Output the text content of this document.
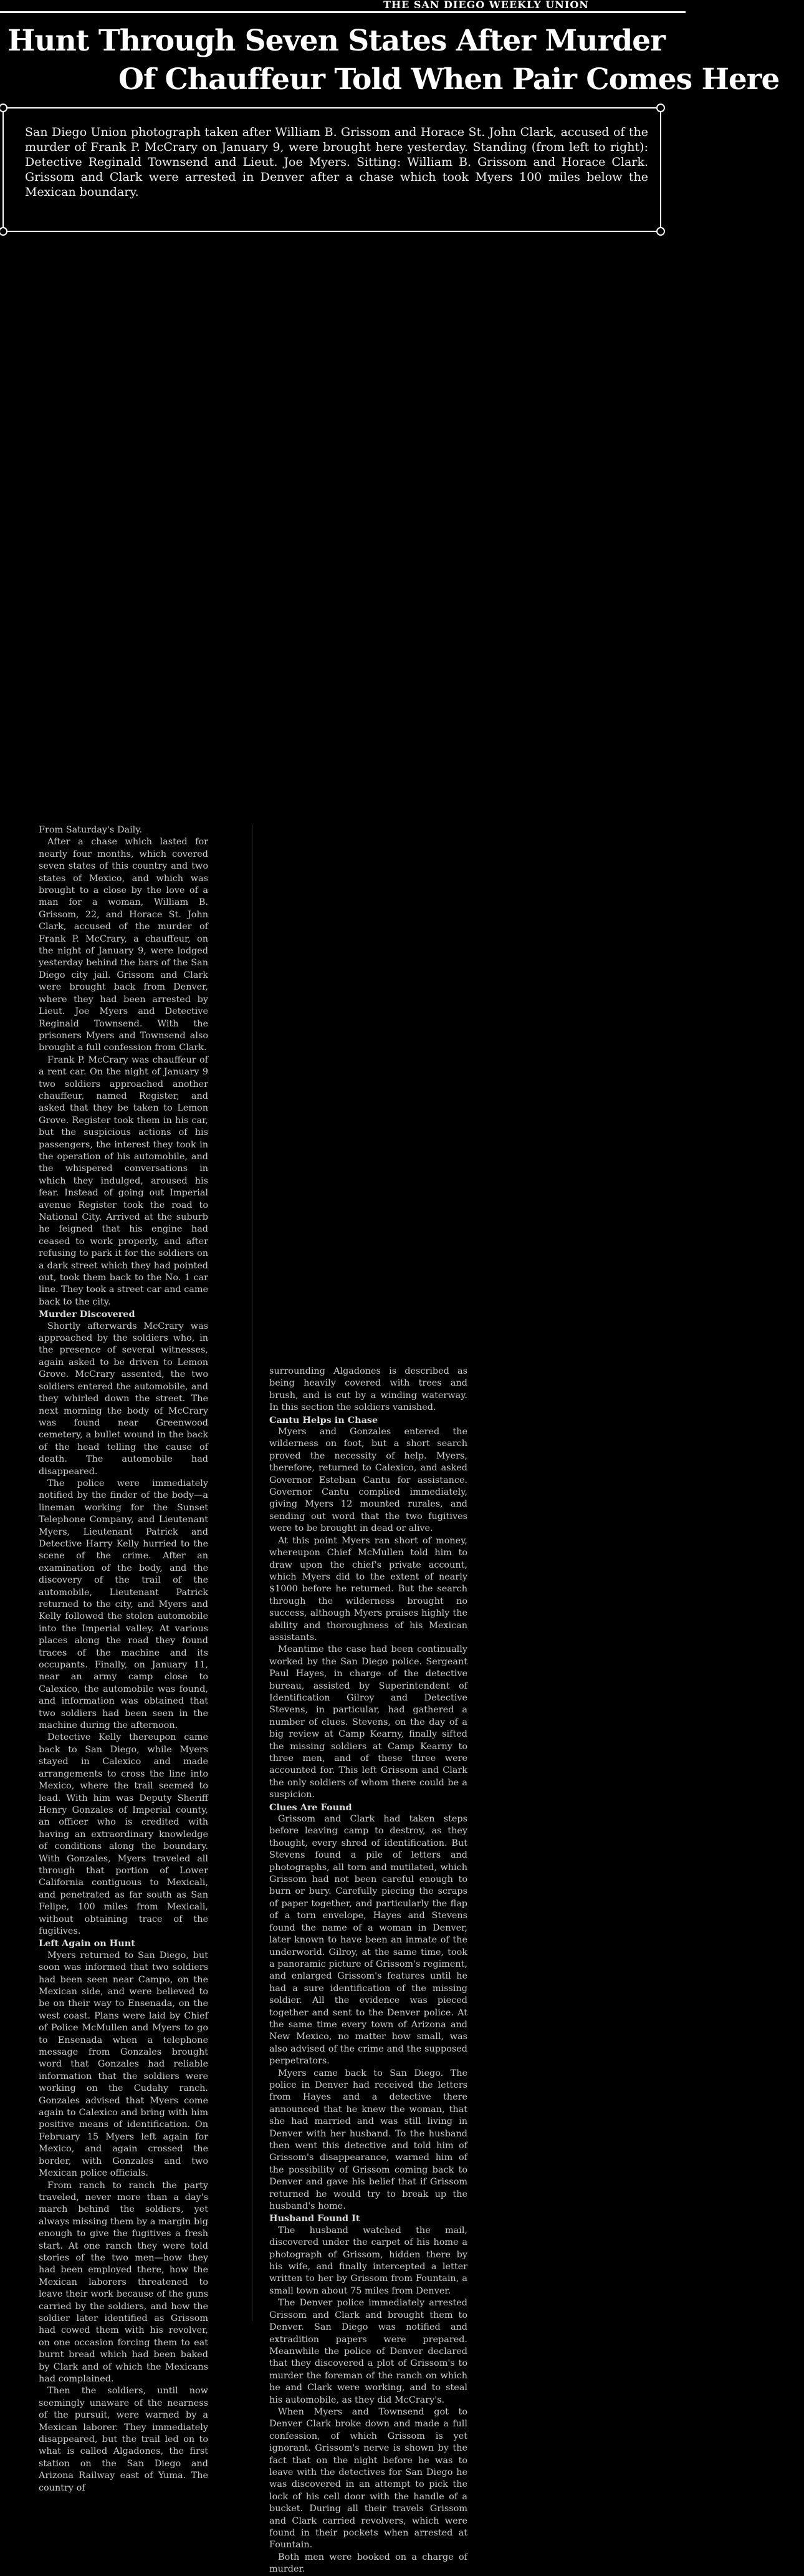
THE SAN DIEGO WEEKLY UNION
Hunt Through Seven States After Murder
Of Chauffeur Told When Pair Comes Here
San Diego Union photograph taken after William B. Grissom and Horace St. John Clark, accused of the murder of Frank P. McCrary on January 9, were brought here yesterday. Standing (from left to right): Detective Reginald Townsend and Lieut. Joe Myers. Sitting: William B. Grissom and Horace Clark. Grissom and Clark were arrested in Denver after a chase which took Myers 100 miles below the Mexican boundary.

From Saturday's Daily.

After a chase which lasted for nearly four months, which covered seven states of this country and two states of Mexico, and which was brought to a close by the love of a man for a woman, William B. Grissom, 22, and Horace St. John Clark, accused of the murder of Frank P. McCrary, a chauffeur, on the night of January 9, were lodged yesterday behind the bars of the San Diego city jail. Grissom and Clark were brought back from Denver, where they had been arrested by Lieut. Joe Myers and Detective Reginald Townsend. With the prisoners Myers and Townsend also brought a full confession from Clark.

Frank P. McCrary was chauffeur of a rent car. On the night of January 9 two soldiers approached another chauffeur, named Register, and asked that they be taken to Lemon Grove. Register took them in his car, but the suspicious actions of his passengers, the interest they took in the operation of his automobile, and the whispered conversations in which they indulged, aroused his fear. Instead of going out Imperial avenue Register took the road to National City. Arrived at the suburb he feigned that his engine had ceased to work properly, and after refusing to park it for the soldiers on a dark street which they had pointed out, took them back to the No. 1 car line. They took a street car and came back to the city.

Murder Discovered

Shortly afterwards McCrary was approached by the soldiers who, in the presence of several witnesses, again asked to be driven to Lemon Grove. McCrary assented, the two soldiers entered the automobile, and they whirled down the street. The next morning the body of McCrary was found near Greenwood cemetery, a bullet wound in the back of the head telling the cause of death. The automobile had disappeared.

The police were immediately notified by the finder of the body—a lineman working for the Sunset Telephone Company, and Lieutenant Myers, Lieutenant Patrick and Detective Harry Kelly hurried to the scene of the crime. After an examination of the body, and the discovery of the trail of the automobile, Lieutenant Patrick returned to the city, and Myers and Kelly followed the stolen automobile into the Imperial valley. At various places along the road they found traces of the machine and its occupants. Finally, on January 11, near an army camp close to Calexico, the automobile was found, and information was obtained that two soldiers had been seen in the machine during the afternoon.

Detective Kelly thereupon came back to San Diego, while Myers stayed in Calexico and made arrangements to cross the line into Mexico, where the trail seemed to lead. With him was Deputy Sheriff Henry Gonzales of Imperial county, an officer who is credited with having an extraordinary knowledge of conditions along the boundary. With Gonzales, Myers traveled all through that portion of Lower California contiguous to Mexicali, and penetrated as far south as San Felipe, 100 miles from Mexicali, without obtaining trace of the fugitives.

Left Again on Hunt

Myers returned to San Diego, but soon was informed that two soldiers had been seen near Campo, on the Mexican side, and were believed to be on their way to Ensenada, on the west coast. Plans were laid by Chief of Police McMullen and Myers to go to Ensenada when a telephone message from Gonzales brought word that Gonzales had reliable information that the soldiers were working on the Cudahy ranch. Gonzales advised that Myers come again to Calexico and bring with him positive means of identification. On February 15 Myers left again for Mexico, and again crossed the border, with Gonzales and two Mexican police officials.

From ranch to ranch the party traveled, never more than a day's march behind the soldiers, yet always missing them by a margin big enough to give the fugitives a fresh start. At one ranch they were told stories of the two men—how they had been employed there, how the Mexican laborers threatened to leave their work because of the guns carried by the soldiers, and how the soldier later identified as Grissom had cowed them with his revolver, on one occasion forcing them to eat burnt bread which had been baked by Clark and of which the Mexicans had complained.

Then the soldiers, until now seemingly unaware of the nearness of the pursuit, were warned by a Mexican laborer. They immediately disappeared, but the trail led on to what is called Algadones, the first station on the San Diego and Arizona Railway east of Yuma. The country of

surrounding Algadones is described as being heavily covered with trees and brush, and is cut by a winding waterway. In this section the soldiers vanished.

Cantu Helps in Chase

Myers and Gonzales entered the wilderness on foot, but a short search proved the necessity of help. Myers, therefore, returned to Calexico, and asked Governor Esteban Cantu for assistance. Governor Cantu complied immediately, giving Myers 12 mounted rurales, and sending out word that the two fugitives were to be brought in dead or alive.

At this point Myers ran short of money, whereupon Chief McMullen told him to draw upon the chief's private account, which Myers did to the extent of nearly $1000 before he returned. But the search through the wilderness brought no success, although Myers praises highly the ability and thoroughness of his Mexican assistants.

Meantime the case had been continually worked by the San Diego police. Sergeant Paul Hayes, in charge of the detective bureau, assisted by Superintendent of Identification Gilroy and Detective Stevens, in particular, had gathered a number of clues. Stevens, on the day of a big review at Camp Kearny, finally sifted the missing soldiers at Camp Kearny to three men, and of these three were accounted for. This left Grissom and Clark the only soldiers of whom there could be a suspicion.

Clues Are Found

Grissom and Clark had taken steps before leaving camp to destroy, as they thought, every shred of identification. But Stevens found a pile of letters and photographs, all torn and mutilated, which Grissom had not been careful enough to burn or bury. Carefully piecing the scraps of paper together, and particularly the flap of a torn envelope, Hayes and Stevens found the name of a woman in Denver, later known to have been an inmate of the underworld. Gilroy, at the same time, took a panoramic picture of Grissom's regiment, and enlarged Grissom's features until he had a sure identification of the missing soldier. All the evidence was pieced together and sent to the Denver police. At the same time every town of Arizona and New Mexico, no matter how small, was also advised of the crime and the supposed perpetrators.

Myers came back to San Diego. The police in Denver had received the letters from Hayes and a detective there announced that he knew the woman, that she had married and was still living in Denver with her husband. To the husband then went this detective and told him of Grissom's disappearance, warned him of the possibility of Grissom coming back to Denver and gave his belief that if Grissom returned he would try to break up the husband's home.

Husband Found It

The husband watched the mail, discovered under the carpet of his home a photograph of Grissom, hidden there by his wife, and finally intercepted a letter written to her by Grissom from Fountain, a small town about 75 miles from Denver.

The Denver police immediately arrested Grissom and Clark and brought them to Denver. San Diego was notified and extradition papers were prepared. Meanwhile the police of Denver declared that they discovered a plot of Grissom's to murder the foreman of the ranch on which he and Clark were working, and to steal his automobile, as they did McCrary's.

When Myers and Townsend got to Denver Clark broke down and made a full confession, of which Grissom is yet ignorant. Grissom's nerve is shown by the fact that on the night before he was to leave with the detectives for San Diego he was discovered in an attempt to pick the lock of his cell door with the handle of a bucket. During all their travels Grissom and Clark carried revolvers, which were found in their pockets when arrested at Fountain.

Both men were booked on a charge of murder.
